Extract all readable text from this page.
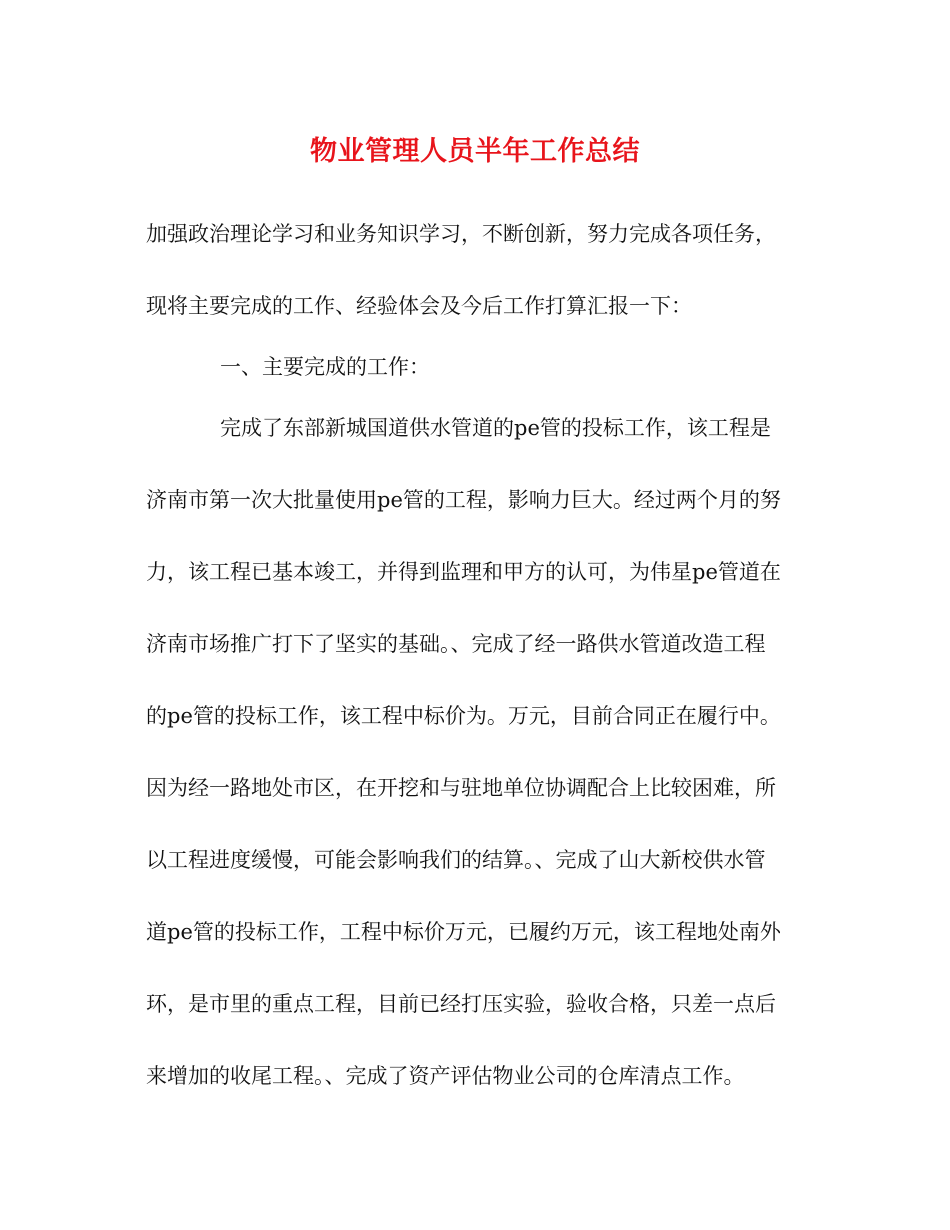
物业管理人员半年工作总结
加强政治理论学习和业务知识学习，不断创新，努力完成各项任务，
现将主要完成的工作、经验体会及今后工作打算汇报一下：
一、主要完成的工作：
完成了东部新城国道供水管道的pe管的投标工作，该工程是
济南市第一次大批量使用pe管的工程，影响力巨大。经过两个月的努
力，该工程已基本竣工，并得到监理和甲方的认可，为伟星pe管道在
济南市场推广打下了坚实的基础。、完成了经一路供水管道改造工程
的pe管的投标工作，该工程中标价为。万元，目前合同正在履行中。
因为经一路地处市区，在开挖和与驻地单位协调配合上比较困难，所
以工程进度缓慢，可能会影响我们的结算。、完成了山大新校供水管
道pe管的投标工作，工程中标价万元，已履约万元，该工程地处南外
环，是市里的重点工程，目前已经打压实验，验收合格，只差一点后
来增加的收尾工程。、完成了资产评估物业公司的仓库清点工作。
